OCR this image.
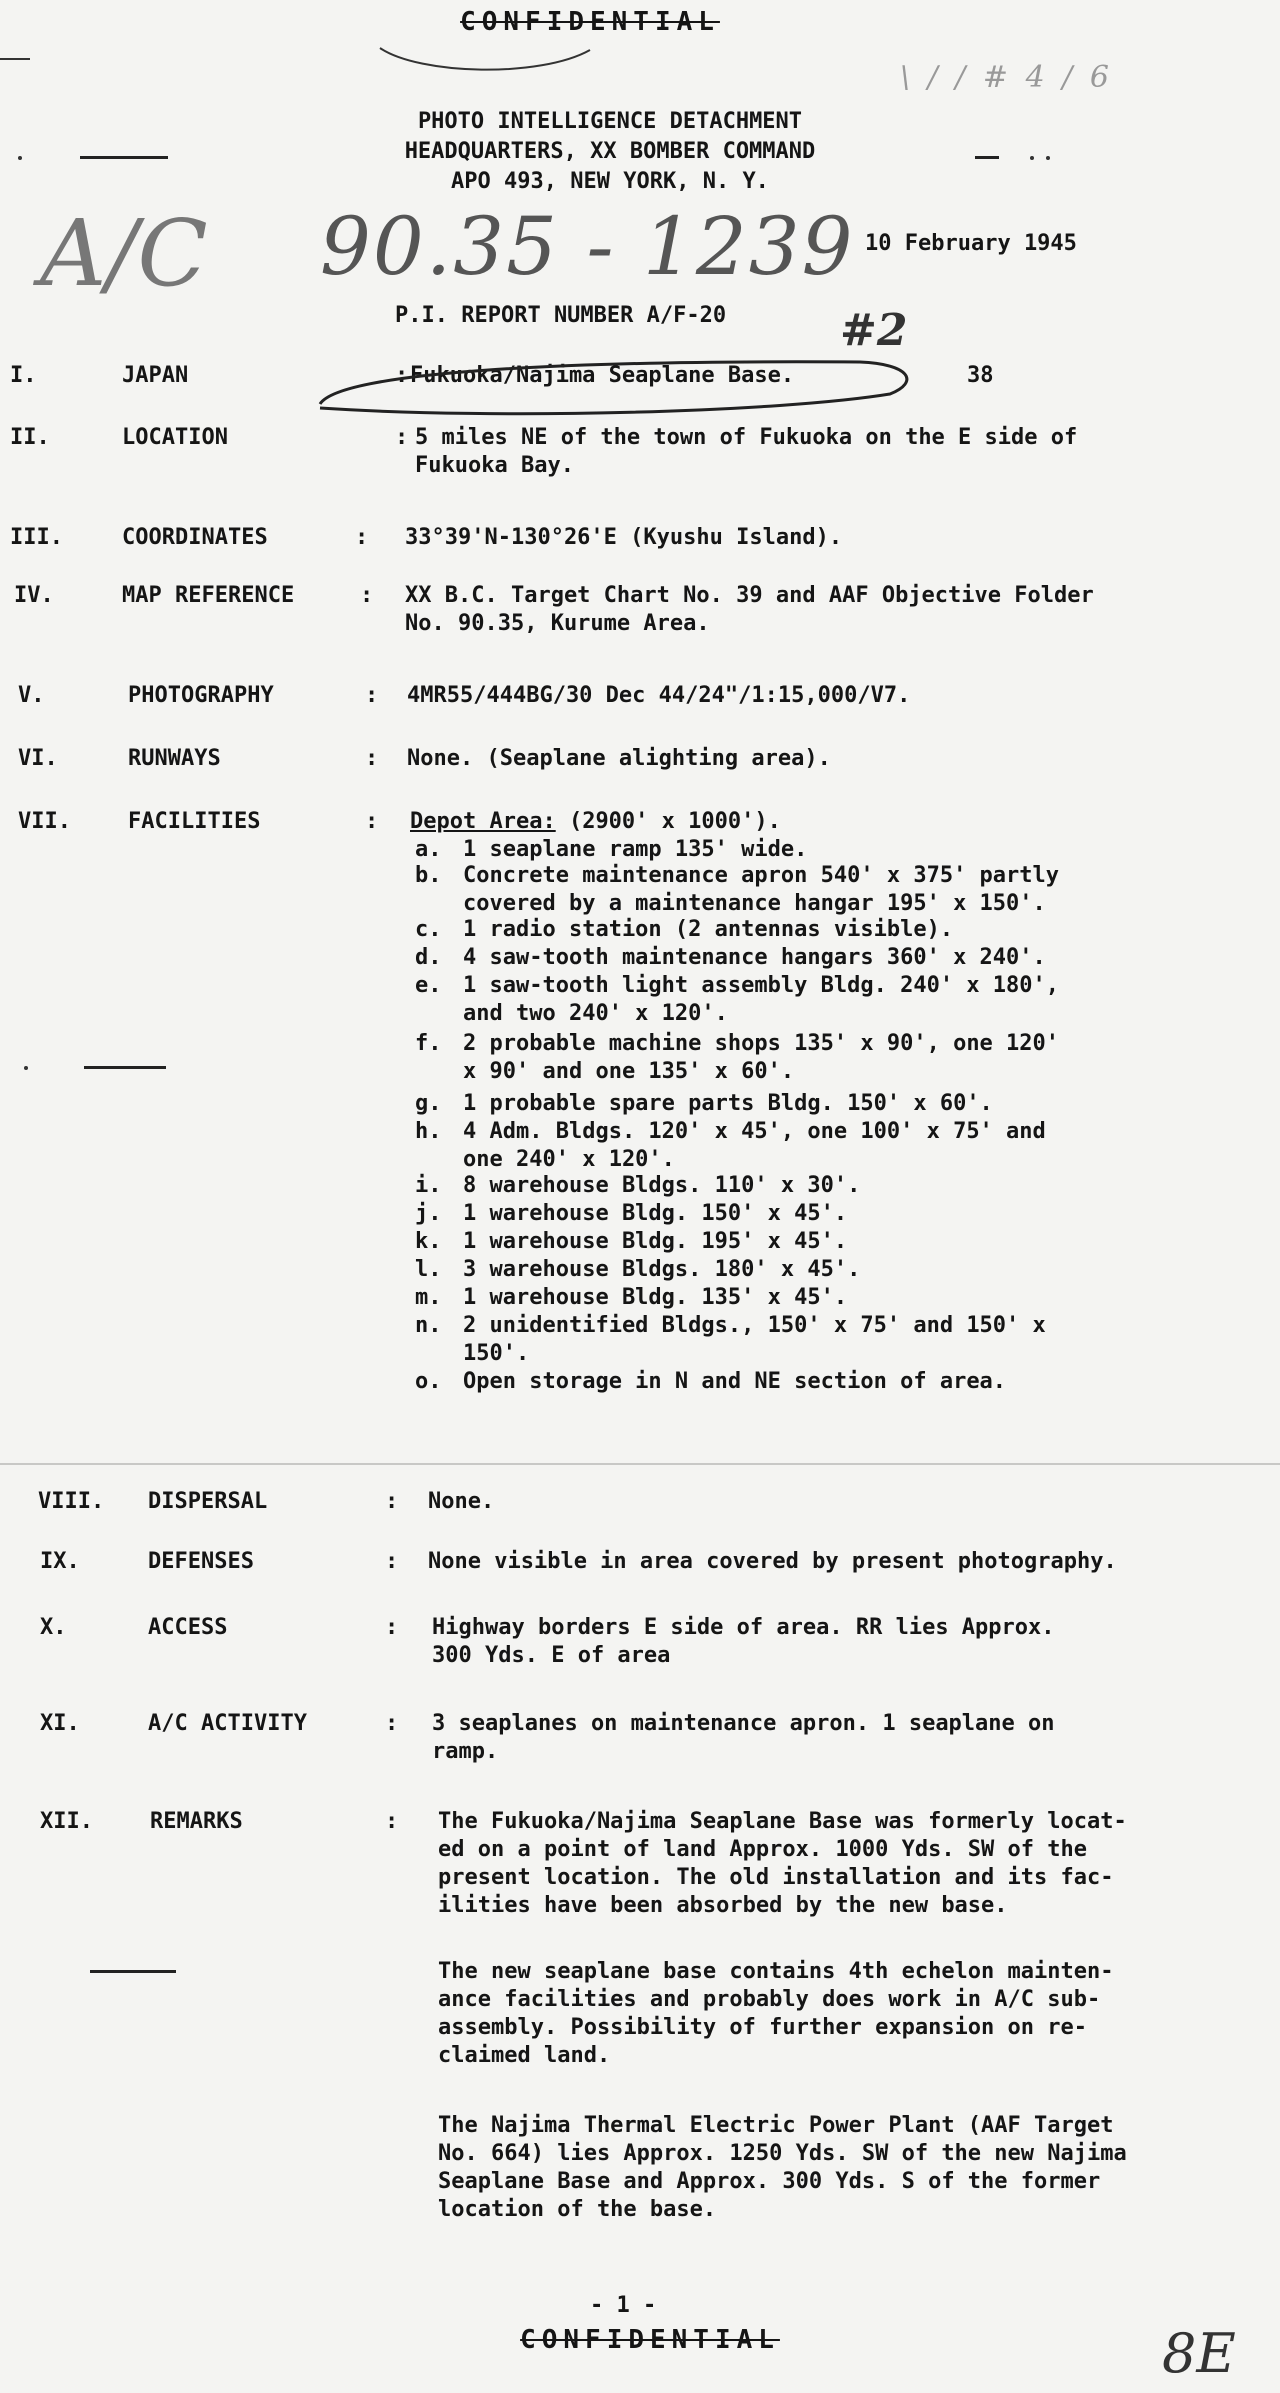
CONFIDENTIAL
\ / / # 4 / 6
PHOTO INTELLIGENCE DETACHMENT
HEADQUARTERS, XX BOMBER COMMAND
APO 493, NEW YORK, N. Y.
A/C 90.35 - 1239 10 February 1945
P.I. REPORT NUMBER A/F-20	#2
I.	JAPAN	: Fukuoka/Najima Seaplane Base.	38
II.	LOCATION	: 5 miles NE of the town of Fukuoka on the E side of
Fukuoka Bay.
III.	COORDINATES	: 33°39'N-130°26'E (Kyushu Island).
IV.	MAP REFERENCE	: XX B.C. Target Chart No. 39 and AAF Objective Folder
No. 90.35, Kurume Area.
V.	PHOTOGRAPHY	: 4MR55/444BG/30 Dec 44/24"/1:15,000/V7.
VI.	RUNWAYS	: None. (Seaplane alighting area).
VII.	FACILITIES	: Depot Area: (2900' x 1000').
a. 1 seaplane ramp 135' wide.
b. Concrete maintenance apron 540' x 375' partly
covered by a maintenance hangar 195' x 150'.
c. 1 radio station (2 antennas visible).
d. 4 saw-tooth maintenance hangars 360' x 240'.
e. 1 saw-tooth light assembly Bldg. 240' x 180',
and two 240' x 120'.
f. 2 probable machine shops 135' x 90', one 120'
x 90' and one 135' x 60'.
g. 1 probable spare parts Bldg. 150' x 60'.
h. 4 Adm. Bldgs. 120' x 45', one 100' x 75' and
one 240' x 120'.
i. 8 warehouse Bldgs. 110' x 30'.
j. 1 warehouse Bldg. 150' x 45'.
k. 1 warehouse Bldg. 195' x 45'.
l. 3 warehouse Bldgs. 180' x 45'.
m. 1 warehouse Bldg. 135' x 45'.
n. 2 unidentified Bldgs., 150' x 75' and 150' x
150'.
o. Open storage in N and NE section of area.
VIII. DISPERSAL	: None.
IX.	DEFENSES	: None visible in area covered by present photography.
X.	ACCESS	: Highway borders E side of area. RR lies Approx.
300 Yds. E of area
XI.	A/C ACTIVITY	: 3 seaplanes on maintenance apron. 1 seaplane on
ramp.
XII.	REMARKS	: The Fukuoka/Najima Seaplane Base was formerly locat-
ed on a point of land Approx. 1000 Yds. SW of the
present location. The old installation and its fac-
ilities have been absorbed by the new base.
The new seaplane base contains 4th echelon mainten-
ance facilities and probably does work in A/C sub-
assembly. Possibility of further expansion on re-
claimed land.
The Najima Thermal Electric Power Plant (AAF Target
No. 664) lies Approx. 1250 Yds. SW of the new Najima
Seaplane Base and Approx. 300 Yds. S of the former
location of the base.
- 1 -
CONFIDENTIAL	8E
